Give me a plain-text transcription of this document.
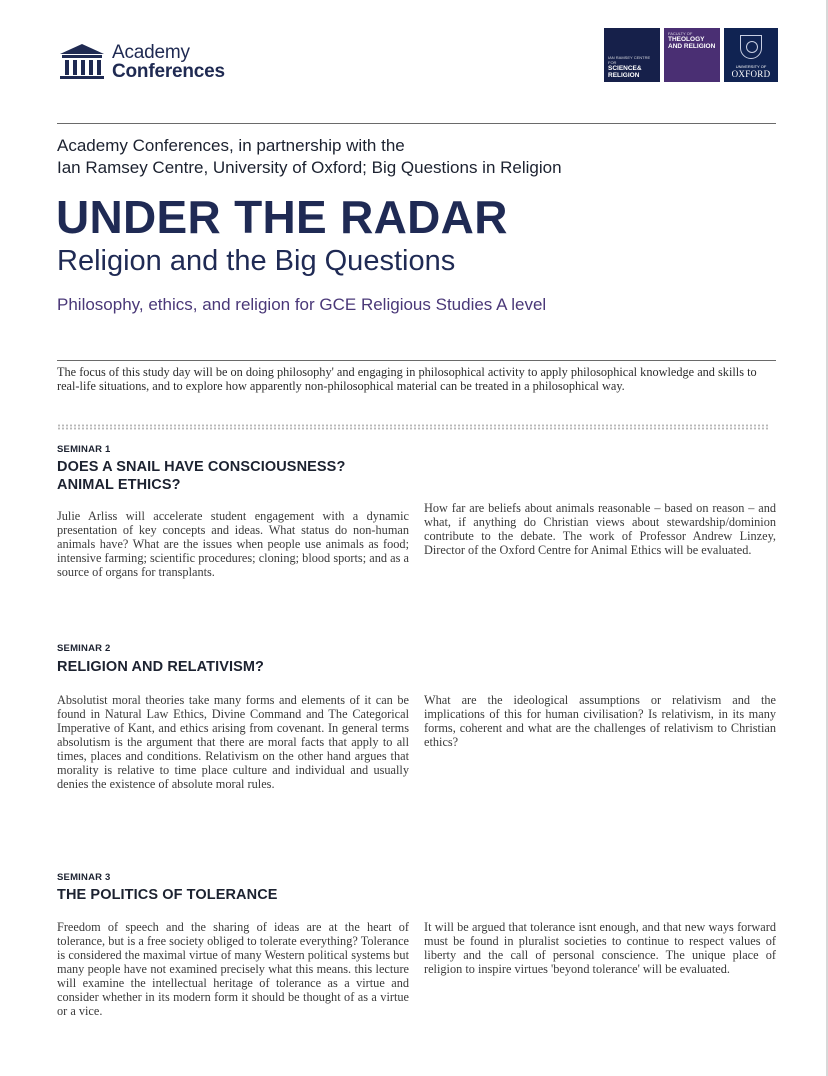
Academy
Conferences
IAN RAMSEY CENTRE FOR
SCIENCE& RELIGION
FACULTY OF
THEOLOGY AND RELIGION
UNIVERSITY OF
OXFORD
Academy Conferences, in partnership with the
Ian Ramsey Centre, University of Oxford; Big Questions in Religion
UNDER THE RADAR
Religion and the Big Questions
Philosophy, ethics, and religion for GCE Religious Studies A level
The focus of this study day will be on doing philosophy' and engaging in philosophical activity to apply philosophical knowledge and skills to real-life situations, and to explore how apparently non-philosophical material can be treated in a philosophical way.
SEMINAR 1
DOES A SNAIL HAVE CONSCIOUSNESS?
ANIMAL ETHICS?
Julie Arliss will accelerate student engagement with a dynamic presentation of key concepts and ideas. What status do non-human animals have? What are the issues when people use animals as food; intensive farming; scientific procedures; cloning; blood sports; and as a source of organs for transplants.
How far are beliefs about animals reasonable – based on reason – and what, if anything do Christian views about stewardship/dominion contribute to the debate. The work of Professor Andrew Linzey, Director of the Oxford Centre for Animal Ethics will be evaluated.
SEMINAR 2
RELIGION AND RELATIVISM?
Absolutist moral theories take many forms and elements of it can be found in Natural Law Ethics, Divine Command and The Categorical Imperative of Kant, and ethics arising from covenant. In general terms absolutism is the argument that there are moral facts that apply to all times, places and conditions. Relativism on the other hand argues that morality is relative to time place culture and individual and usually denies the existence of absolute moral rules.
What are the ideological assumptions or relativism and the implications of this for human civilisation? Is relativism, in its many forms, coherent and what are the challenges of relativism to Christian ethics?
SEMINAR 3
THE POLITICS OF TOLERANCE
Freedom of speech and the sharing of ideas are at the heart of tolerance, but is a free society obliged to tolerate everything? Tolerance is considered the maximal virtue of many Western political systems but many people have not examined precisely what this means. this lecture will examine the intellectual heritage of tolerance as a virtue and consider whether in its modern form it should be thought of as a virtue or a vice.
It will be argued that tolerance isnt enough, and that new ways forward must be found in pluralist societies to continue to respect values of liberty and the call of personal conscience. The unique place of religion to inspire virtues 'beyond tolerance' will be evaluated.
